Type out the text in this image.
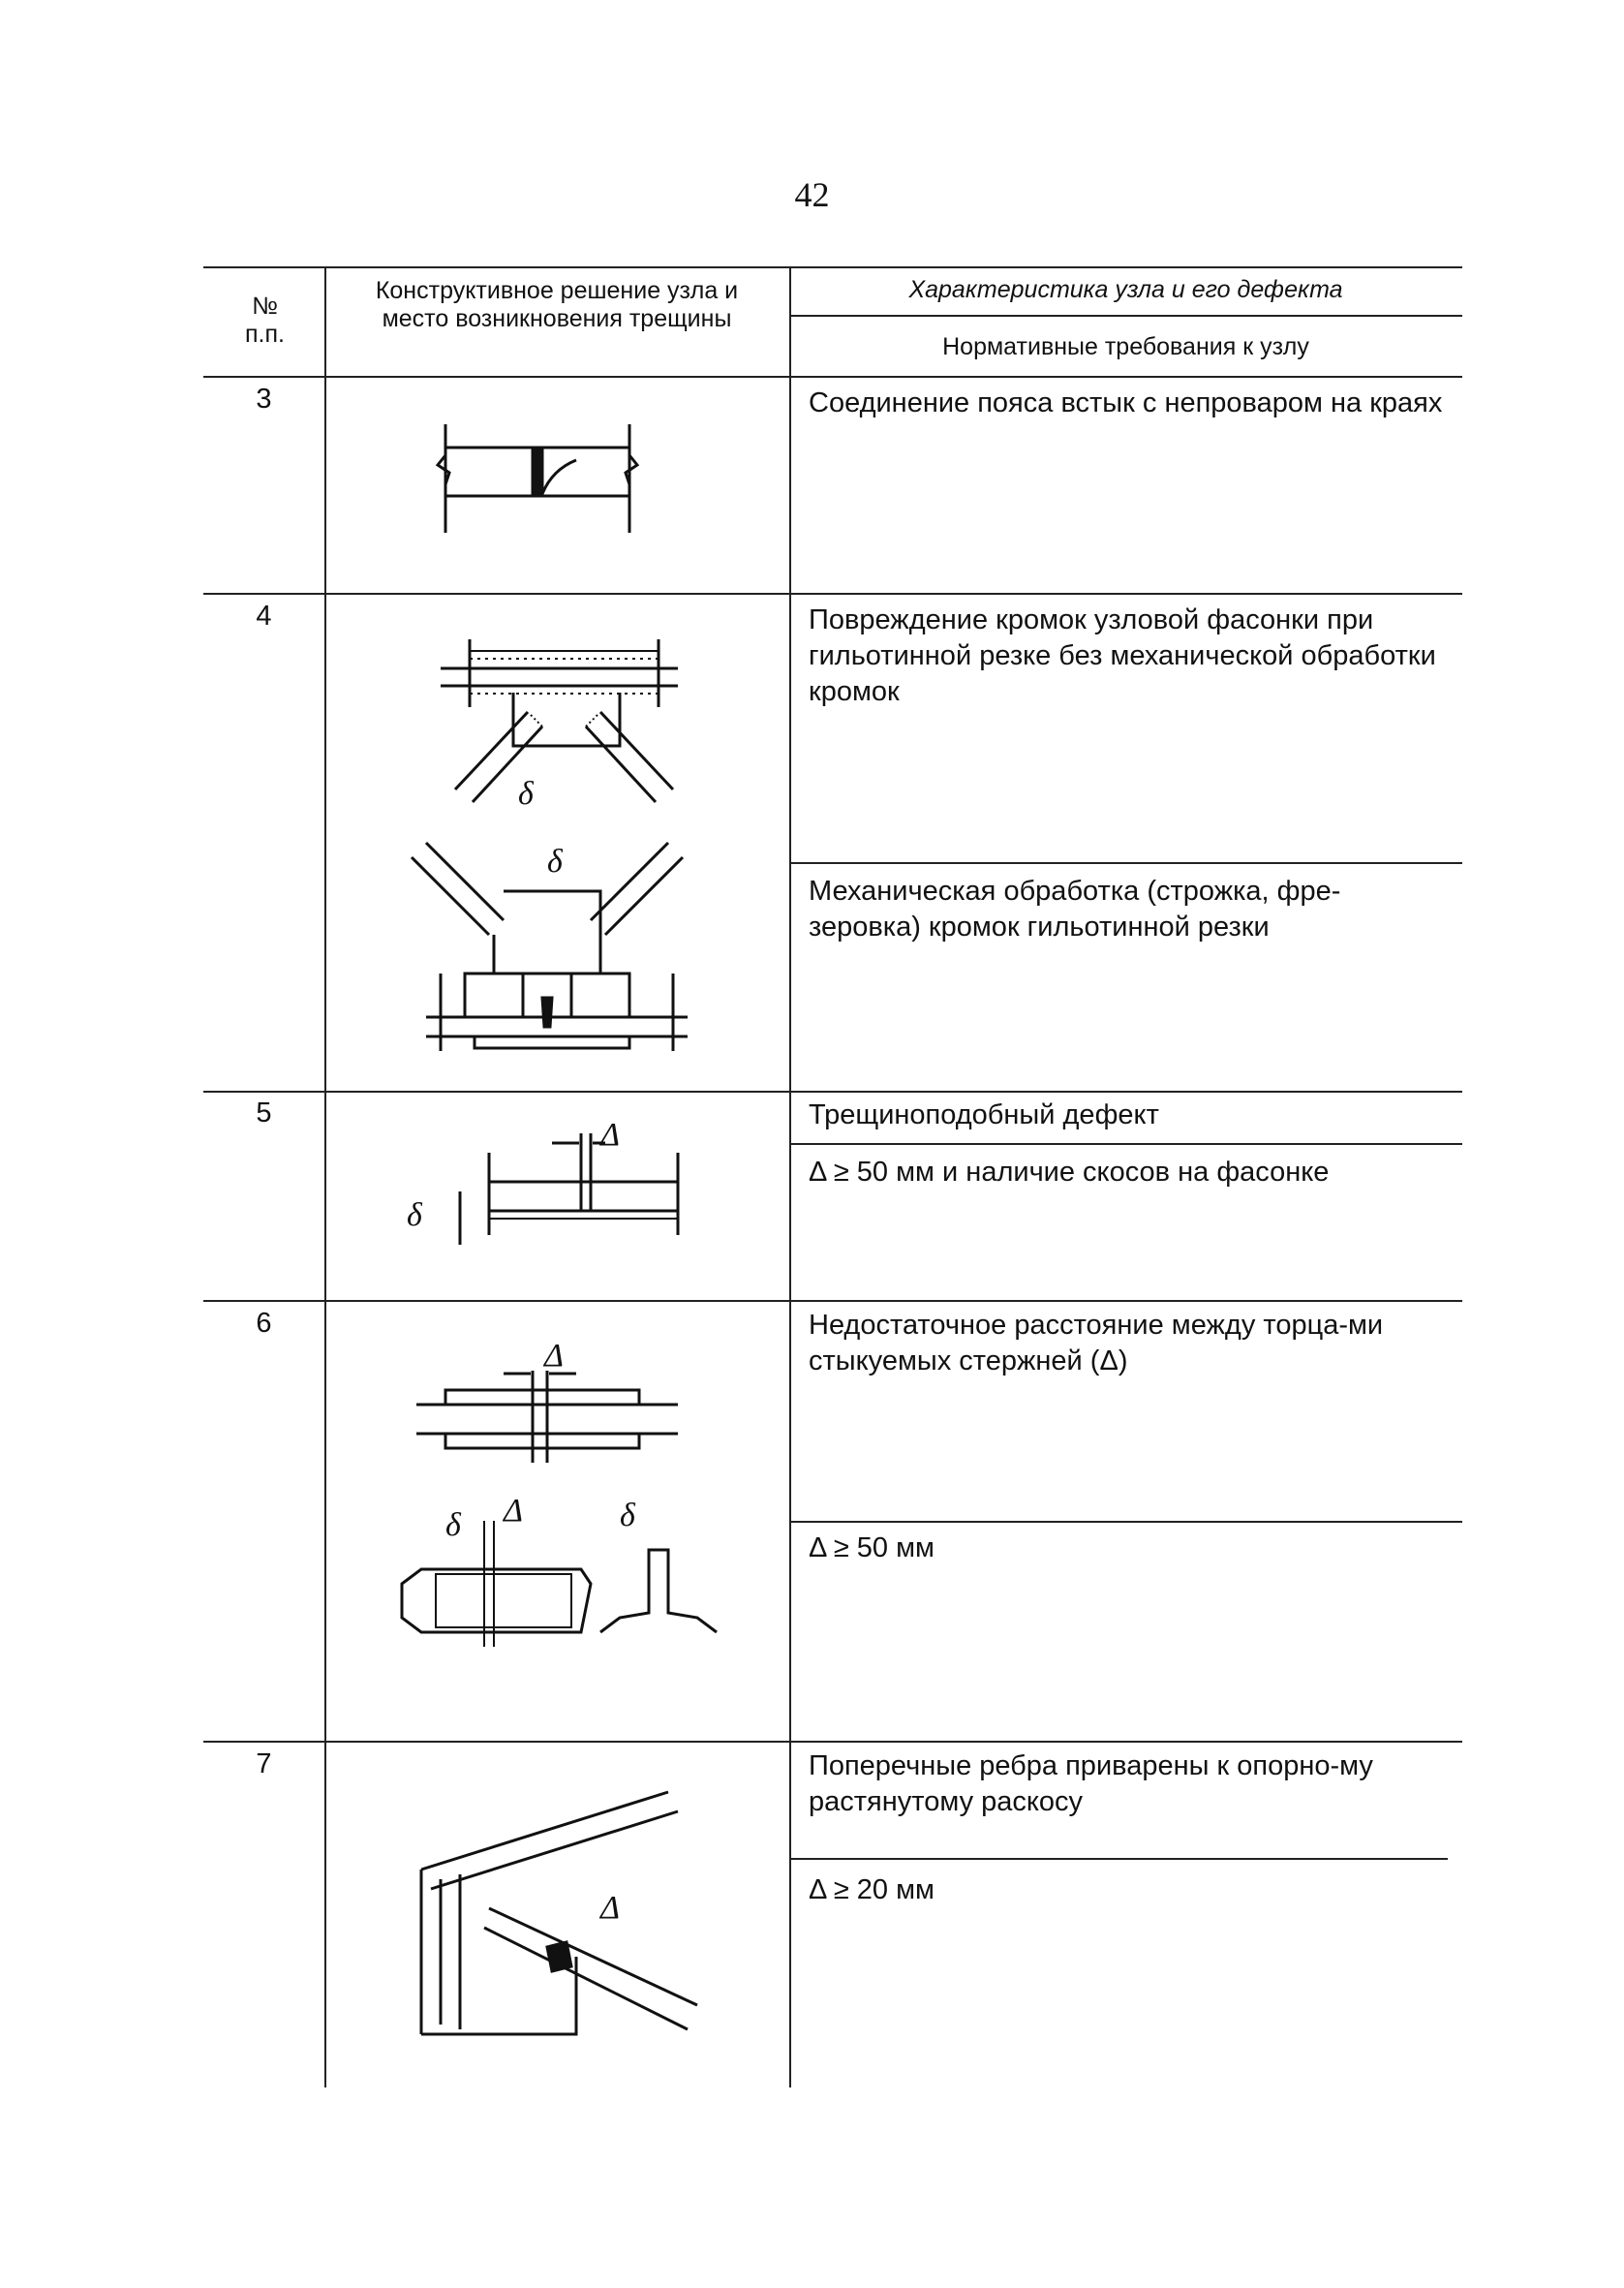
42
№
п.п.
Конструктивное решение узла и место возникновения трещины
Характеристика узла и его дефекта
Нормативные требования к узлу
3	Соединение пояса встык с непроваром на краях
4	Повреждение кромок узловой фасонки при гильотинной резке без механической обработки кромок
Механическая обработка (строжка, фре-зеровка) кромок гильотинной резки
δ
δ
5	Трещиноподобный дефект
Δ ≥ 50 мм и наличие скосов на фасонке
Δ
δ
6	Недостаточное расстояние между торца-ми стыкуемых стержней (Δ)
Δ ≥ 50 мм
Δ
δ Δ	δ
7	Поперечные ребра приварены к опорно-му растянутому раскосу
Δ ≥ 20 мм
Δ
